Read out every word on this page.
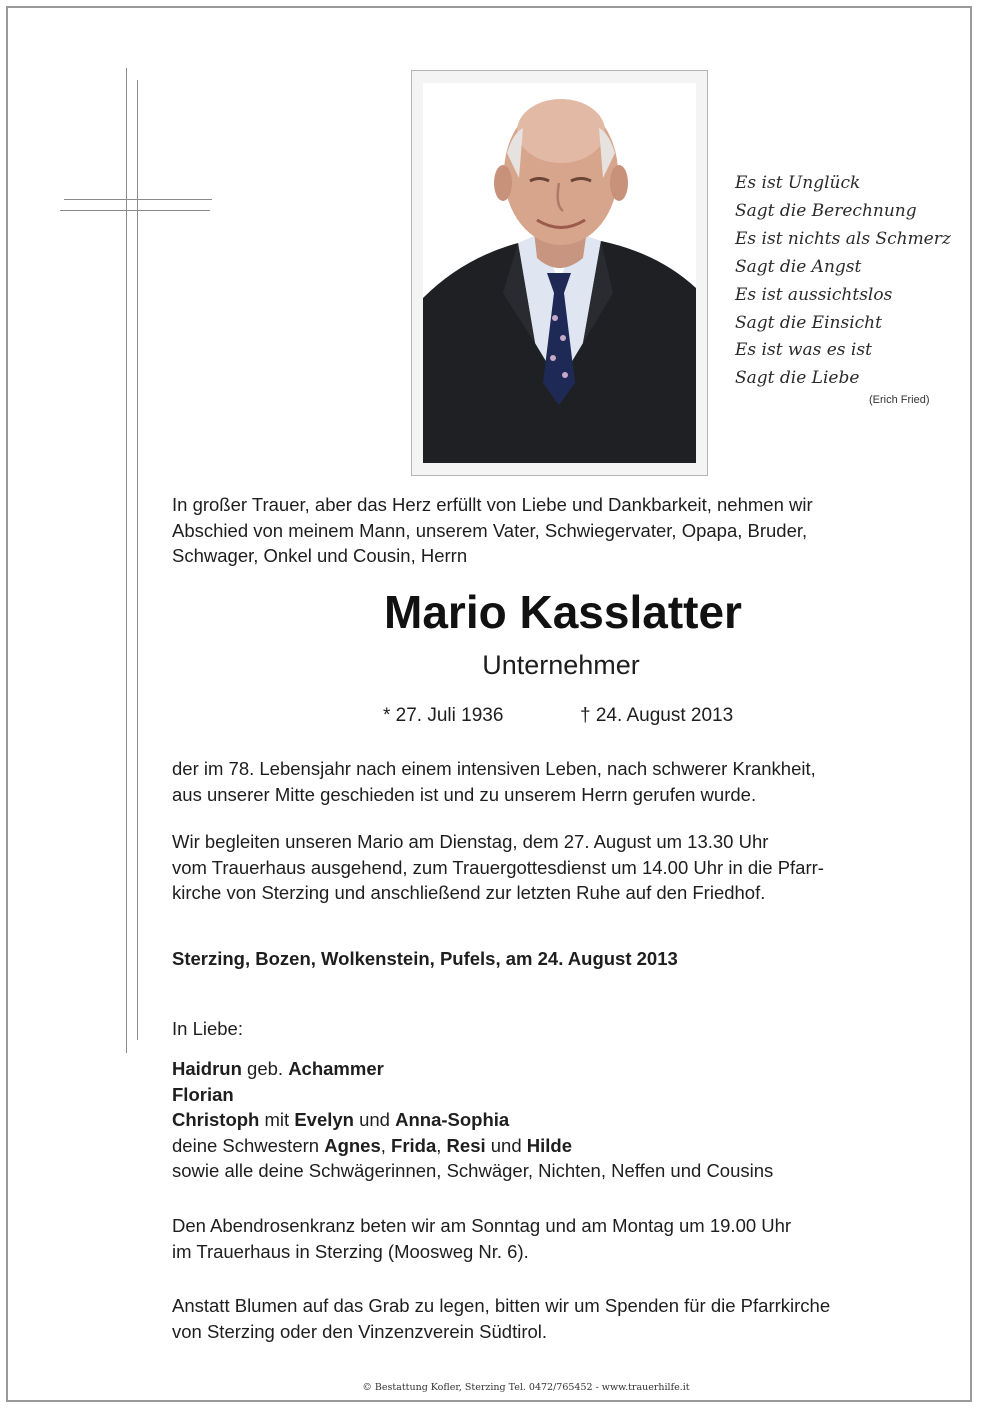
Es ist Unglück
Sagt die Berechnung
Es ist nichts als Schmerz
Sagt die Angst
Es ist aussichtslos
Sagt die Einsicht
Es ist was es ist
Sagt die Liebe
(Erich Fried)
In großer Trauer, aber das Herz erfüllt von Liebe und Dankbarkeit, nehmen wir
Abschied von meinem Mann, unserem Vater, Schwiegervater, Opapa, Bruder,
Schwager, Onkel und Cousin, Herrn
Mario Kasslatter
Unternehmer
* 27. Juli 1936	† 24. August 2013
der im 78. Lebensjahr nach einem intensiven Leben, nach schwerer Krankheit,
aus unserer Mitte geschieden ist und zu unserem Herrn gerufen wurde.
Wir begleiten unseren Mario am Dienstag, dem 27. August um 13.30 Uhr
vom Trauerhaus ausgehend, zum Trauergottesdienst um 14.00 Uhr in die Pfarr-
kirche von Sterzing und anschließend zur letzten Ruhe auf den Friedhof.
Sterzing, Bozen, Wolkenstein, Pufels, am 24. August 2013
In Liebe:
Haidrun geb. Achammer
Florian
Christoph mit Evelyn und Anna-Sophia
deine Schwestern Agnes, Frida, Resi und Hilde
sowie alle deine Schwägerinnen, Schwäger, Nichten, Neffen und Cousins
Den Abendrosenkranz beten wir am Sonntag und am Montag um 19.00 Uhr
im Trauerhaus in Sterzing (Moosweg Nr. 6).
Anstatt Blumen auf das Grab zu legen, bitten wir um Spenden für die Pfarrkirche
von Sterzing oder den Vinzenzverein Südtirol.
© Bestattung Kofler, Sterzing Tel. 0472/765452 - www.trauerhilfe.it
